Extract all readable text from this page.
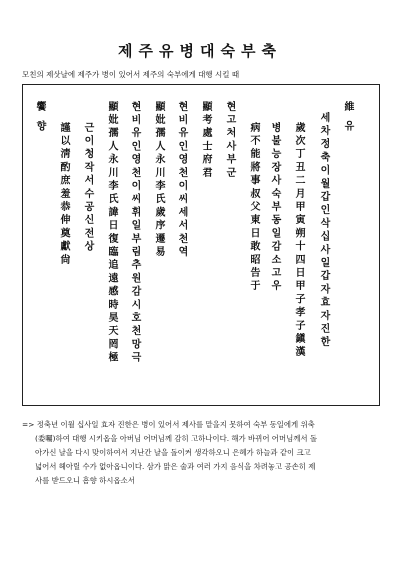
제주유병대숙부축
모친의 제삿날에 제주가 병이 있어서 제주의 숙부에게 대행 시킬 때
維 유
세차정축이월갑인삭십사일갑자효자진한
歲次丁丑二月甲寅朔十四日甲子孝子鎭漢
병불능장사숙부동일감소고우
病不能將事叔父東日敢昭告于
현고처사부군
顯考處士府君
현비유인영천이씨세서천역
顯妣孺人永川李氏歲序遷易
현비유인영천이씨휘일부림추원감시호천망극
顯妣孺人永川李氏諱日復臨追遠感時昊天罔極
근이청작서수공신전상
謹以淸酌庶羞恭伸奠獻尙
饗 향
=> 정축년 이월 십사일 효자 진한은 병이 있어서 제사를 맡을지 못하여 숙부 동일에게 위축
(委囑)하여 대행 시키옵을 아버님 어머님께 감히 고하나이다. 해가 바뀌어 어머님께서 돌
아가신 날을 다시 맞이하여서 지난간 날을 돌이켜 생각하오니 은혜가 하늘과 같이 크고
넓어서 헤아릴 수가 없아옵니이다. 삼가 맑은 술과 여러 가지 음식을 차려놓고 공손히 제
사를 받드오니 흠향 하시옵소서
